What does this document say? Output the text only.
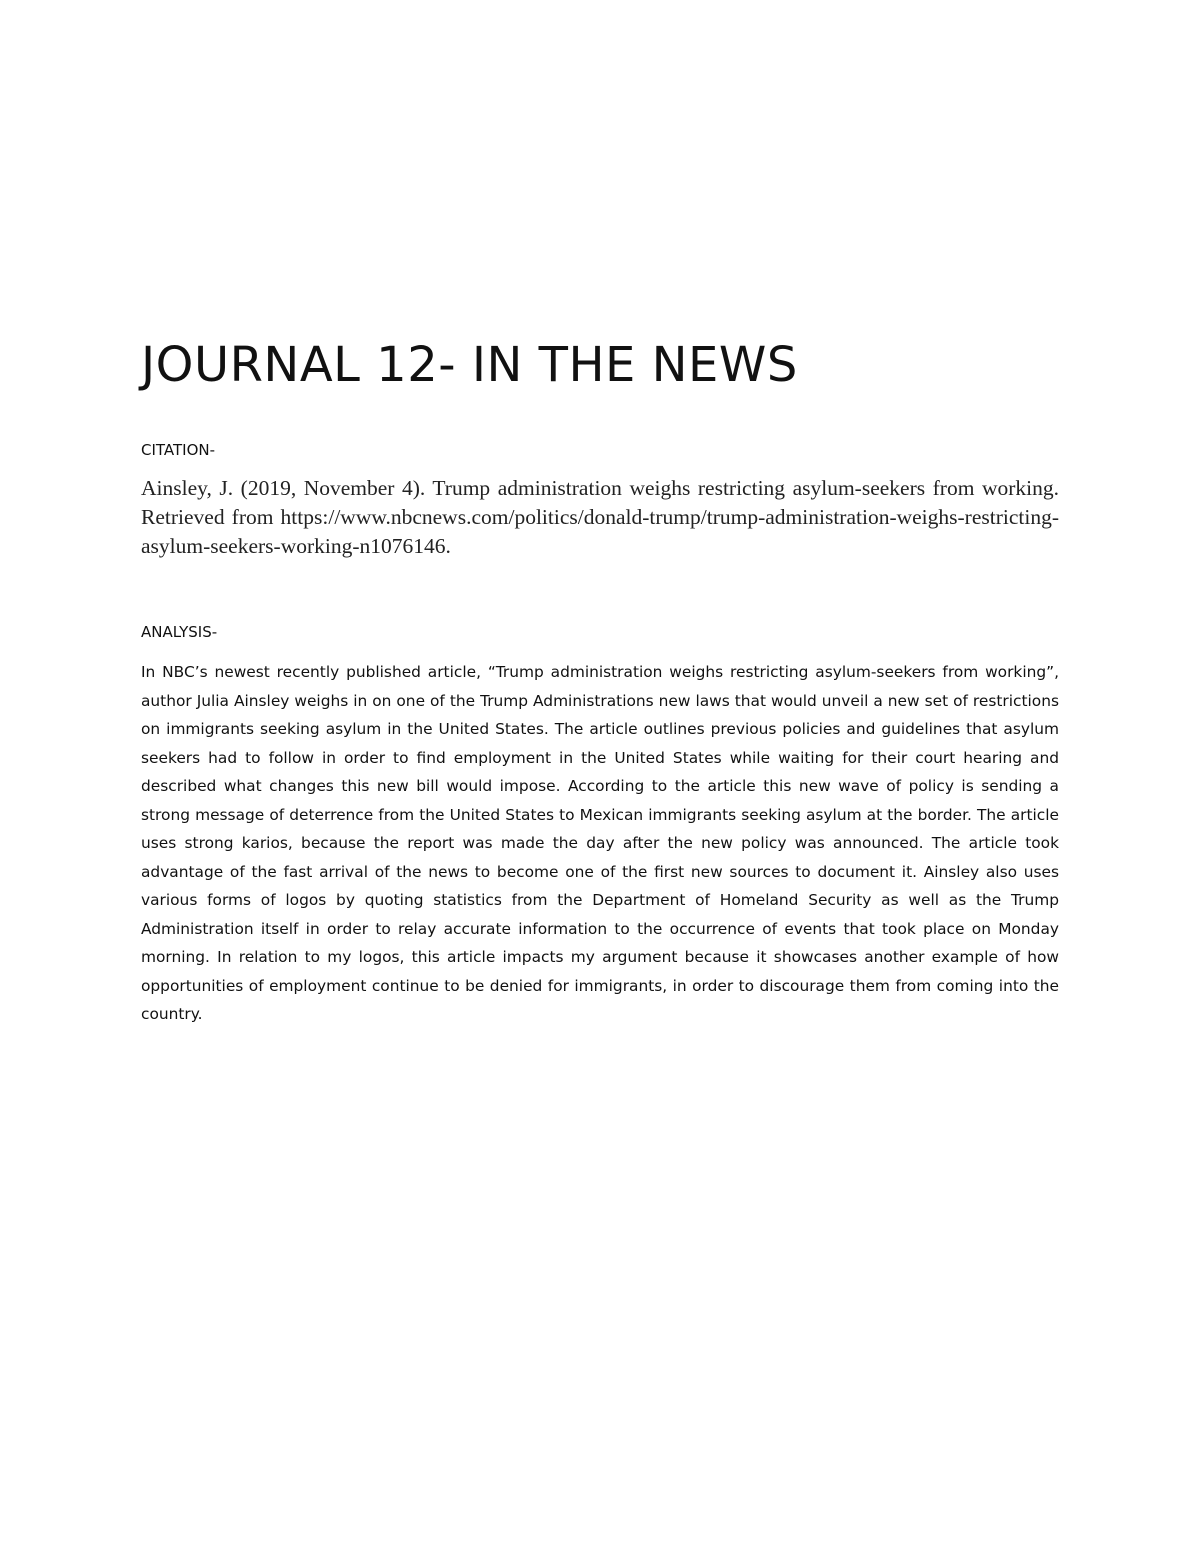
JOURNAL 12- IN THE NEWS

CITATION-

Ainsley, J. (2019, November 4). Trump administration weighs restricting asylum-seekers from working. Retrieved from https://www.nbcnews.com/politics/donald-trump/trump-administration-weighs-restricting-asylum-seekers-working-n1076146.

ANALYSIS-

In NBC’s newest recently published article, “Trump administration weighs restricting asylum-seekers from working”, author Julia Ainsley weighs in on one of the Trump Administrations new laws that would unveil a new set of restrictions on immigrants seeking asylum in the United States. The article outlines previous policies and guidelines that asylum seekers had to follow in order to find employment in the United States while waiting for their court hearing and described what changes this new bill would impose. According to the article this new wave of policy is sending a strong message of deterrence from the United States to Mexican immigrants seeking asylum at the border. The article uses strong karios, because the report was made the day after the new policy was announced. The article took advantage of the fast arrival of the news to become one of the first new sources to document it. Ainsley also uses various forms of logos by quoting statistics from the Department of Homeland Security as well as the Trump Administration itself in order to relay accurate information to the occurrence of events that took place on Monday morning. In relation to my logos, this article impacts my argument because it showcases another example of how opportunities of employment continue to be denied for immigrants, in order to discourage them from coming into the country.
